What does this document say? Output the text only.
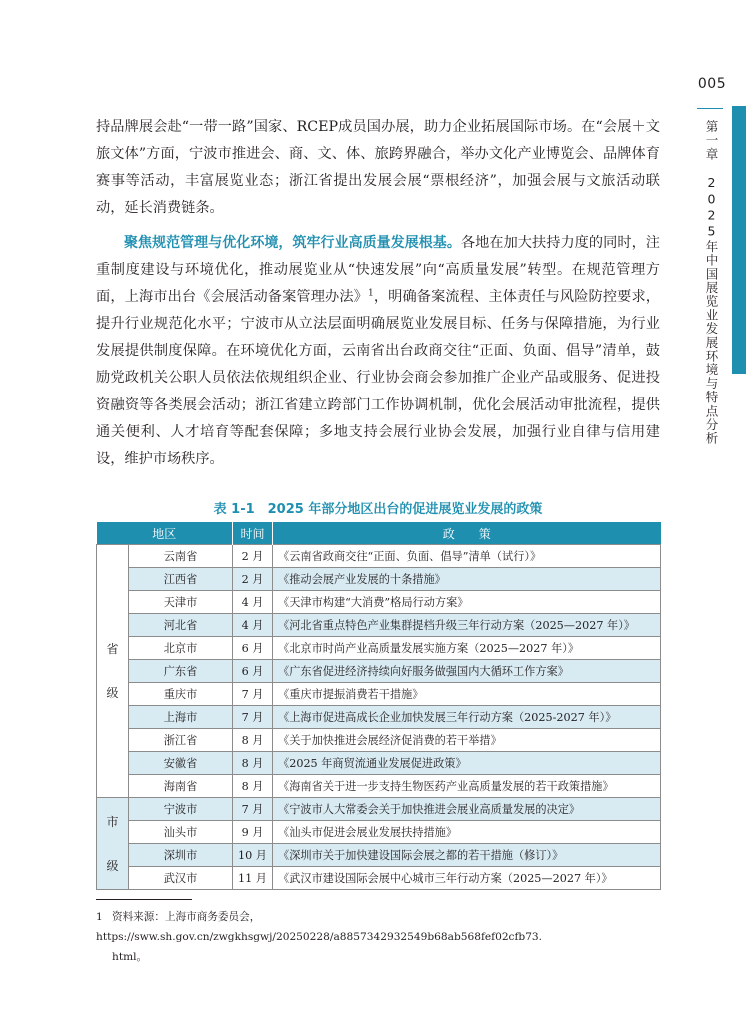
005
第一章2025年中国展览业发展环境与特点分析

持品牌展会赴“一带一路”国家、RCEP成员国办展，助力企业拓展国际市场。在“会展＋文旅文体”方面，宁波市推进会、商、文、体、旅跨界融合，举办文化产业博览会、品牌体育赛事等活动，丰富展览业态；浙江省提出发展会展“票根经济”，加强会展与文旅活动联动，延长消费链条。

聚焦规范管理与优化环境，筑牢行业高质量发展根基。各地在加大扶持力度的同时，注重制度建设与环境优化，推动展览业从“快速发展”向“高质量发展”转型。在规范管理方面，上海市出台《会展活动备案管理办法》$^1$，明确备案流程、主体责任与风险防控要求，提升行业规范化水平；宁波市从立法层面明确展览业发展目标、任务与保障措施，为行业发展提供制度保障。在环境优化方面，云南省出台政商交往“正面、负面、倡导”清单，鼓励党政机关公职人员依法依规组织企业、行业协会商会参加推广企业产品或服务、促进投资融资等各类展会活动；浙江省建立跨部门工作协调机制，优化会展活动审批流程，提供通关便利、人才培育等配套保障；多地支持会展行业协会发展，加强行业自律与信用建设，维护市场秩序。

表 1-1　2025 年部分地区出台的促进展览业发展的政策
地区		时间	政　　策
省

级	云南省	2 月	《云南省政商交往“正面、负面、倡导”清单（试行）》
	江西省	2 月	《推动会展产业发展的十条措施》
	天津市	4 月	《天津市构建“大消费”格局行动方案》
	河北省	4 月	《河北省重点特色产业集群提档升级三年行动方案（2025—2027 年）》
	北京市	6 月	《北京市时尚产业高质量发展实施方案（2025—2027 年）》
	广东省	6 月	《广东省促进经济持续向好服务做强国内大循环工作方案》
	重庆市	7 月	《重庆市提振消费若干措施》
	上海市	7 月	《上海市促进高成长企业加快发展三年行动方案（2025-2027 年）》
	浙江省	8 月	《关于加快推进会展经济促消费的若干举措》
	安徽省	8 月	《2025 年商贸流通业发展促进政策》
	海南省	8 月	《海南省关于进一步支持生物医药产业高质量发展的若干政策措施》
市

级	宁波市	7 月	《宁波市人大常委会关于加快推进会展业高质量发展的决定》
	汕头市	9 月	《汕头市促进会展业发展扶持措施》
	深圳市	10 月	《深圳市关于加快建设国际会展之都的若干措施（修订）》
	武汉市	11 月	《武汉市建设国际会展中心城市三年行动方案（2025—2027 年）》
1 资料来源：上海市商务委员会，https://sww.sh.gov.cn/zwgkhsgwj/20250228/a8857342932549b68ab568fef02cfb73.
html。
